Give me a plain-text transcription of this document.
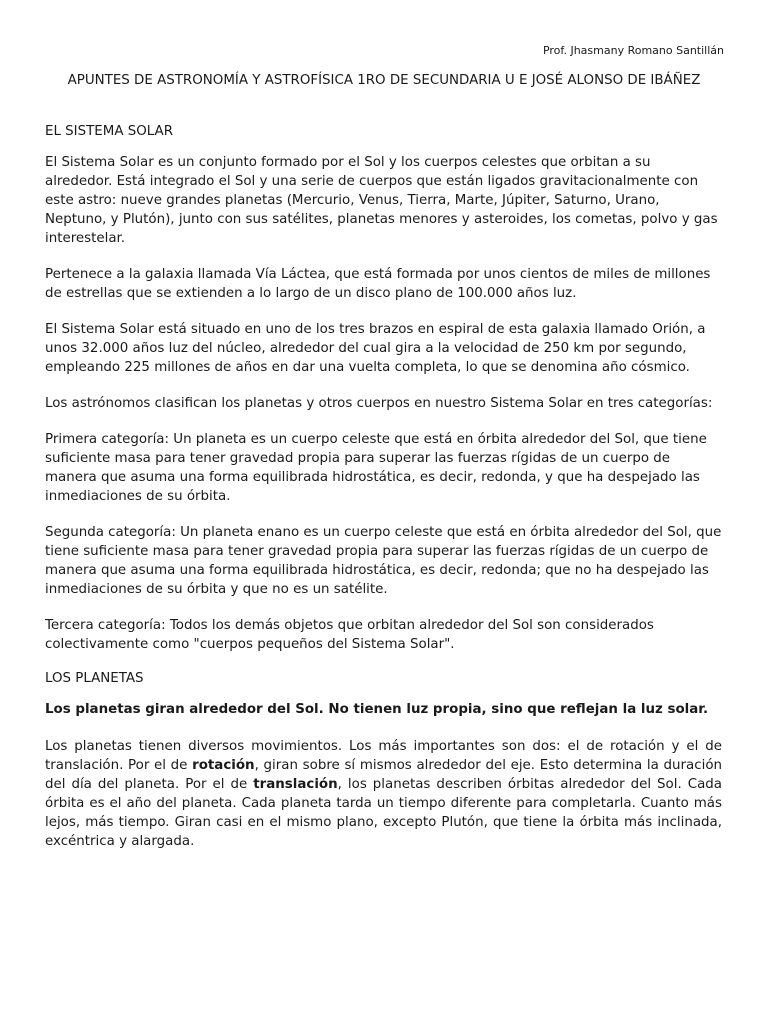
Prof. Jhasmany Romano Santillán

APUNTES DE ASTRONOMÍA Y ASTROFÍSICA 1RO DE SECUNDARIA U E JOSÉ ALONSO DE IBÁÑEZ
EL SISTEMA SOLAR

El Sistema Solar es un conjunto formado por el Sol y los cuerpos celestes que orbitan a su alrededor. Está integrado el Sol y una serie de cuerpos que están ligados gravitacionalmente con este astro: nueve grandes planetas (Mercurio, Venus, Tierra, Marte, Júpiter, Saturno, Urano, Neptuno, y Plutón), junto con sus satélites, planetas menores y asteroides, los cometas, polvo y gas interestelar.

Pertenece a la galaxia llamada Vía Láctea, que está formada por unos cientos de miles de millones de estrellas que se extienden a lo largo de un disco plano de 100.000 años luz.

El Sistema Solar está situado en uno de los tres brazos en espiral de esta galaxia llamado Orión, a unos 32.000 años luz del núcleo, alrededor del cual gira a la velocidad de 250 km por segundo, empleando 225 millones de años en dar una vuelta completa, lo que se denomina año cósmico.

Los astrónomos clasifican los planetas y otros cuerpos en nuestro Sistema Solar en tres categorías:

Primera categoría: Un planeta es un cuerpo celeste que está en órbita alrededor del Sol, que tiene suficiente masa para tener gravedad propia para superar las fuerzas rígidas de un cuerpo de manera que asuma una forma equilibrada hidrostática, es decir, redonda, y que ha despejado las inmediaciones de su órbita.

Segunda categoría: Un planeta enano es un cuerpo celeste que está en órbita alrededor del Sol, que tiene suficiente masa para tener gravedad propia para superar las fuerzas rígidas de un cuerpo de manera que asuma una forma equilibrada hidrostática, es decir, redonda; que no ha despejado las inmediaciones de su órbita y que no es un satélite.

Tercera categoría: Todos los demás objetos que orbitan alrededor del Sol son considerados colectivamente como "cuerpos pequeños del Sistema Solar".

LOS PLANETAS

Los planetas giran alrededor del Sol. No tienen luz propia, sino que reflejan la luz solar.

Los planetas tienen diversos movimientos. Los más importantes son dos: el de rotación y el de translación. Por el de rotación, giran sobre sí mismos alrededor del eje. Esto determina la duración del día del planeta. Por el de translación, los planetas describen órbitas alrededor del Sol. Cada órbita es el año del planeta. Cada planeta tarda un tiempo diferente para completarla. Cuanto más lejos, más tiempo. Giran casi en el mismo plano, excepto Plutón, que tiene la órbita más inclinada, excéntrica y alargada.
